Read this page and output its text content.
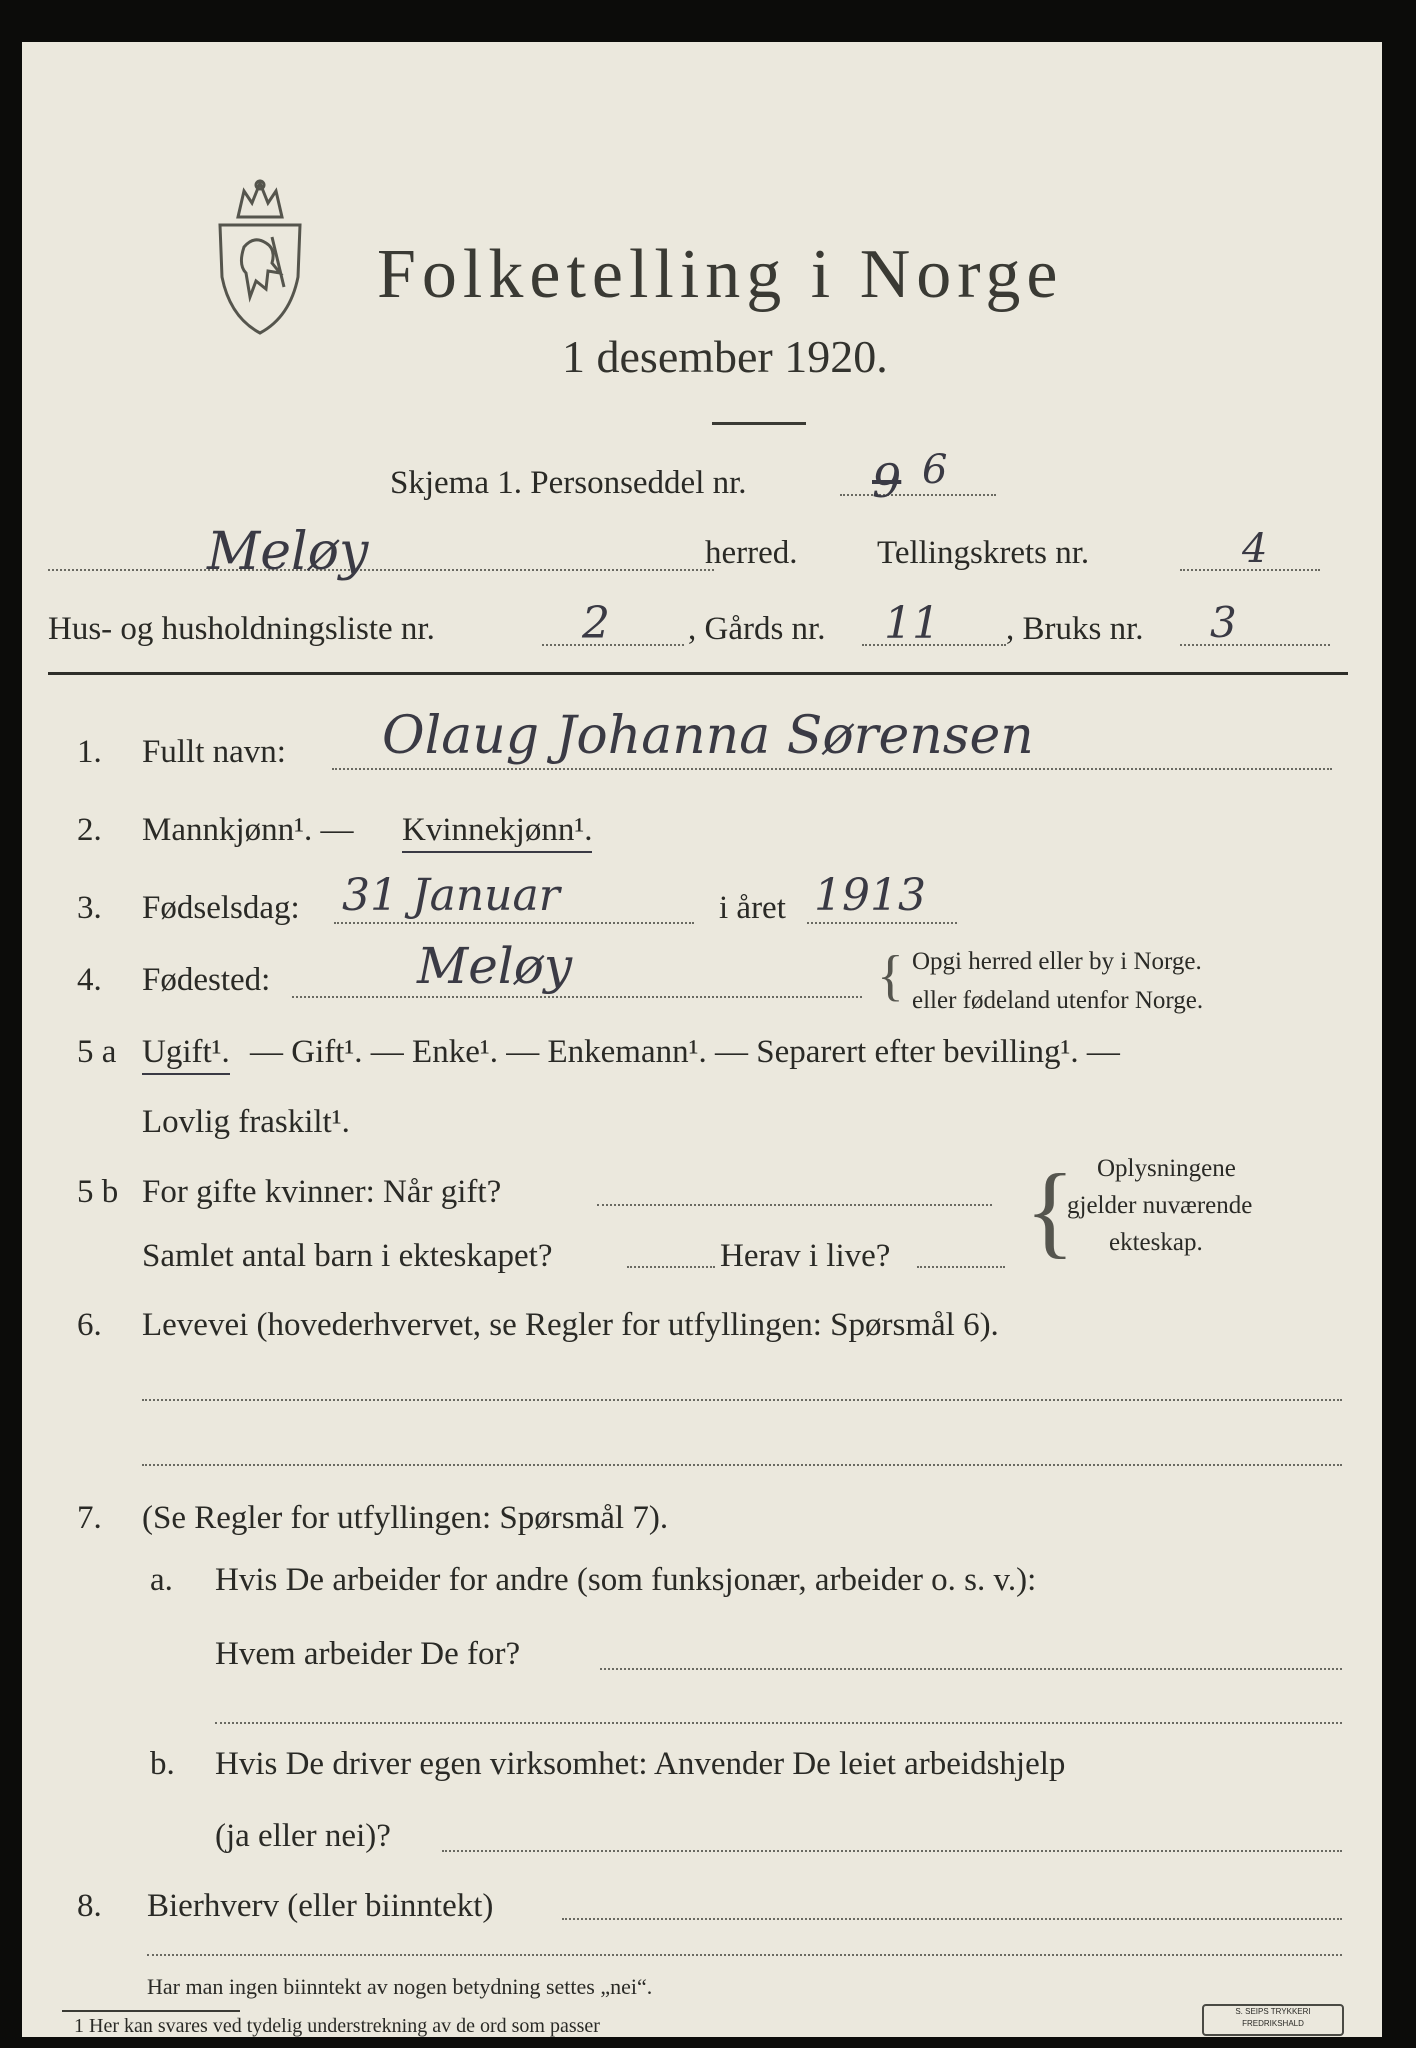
Folketelling i Norge
1 desember 1920.
Skjema 1. Personseddel nr.	9 6
Meløy	herred. Tellingskrets nr.	4
Hus- og husholdningsliste nr.	2 , Gårds nr. 11 , Bruks nr. 3
1. Fullt navn: Olaug Johanna Sørensen
2. Mannkjønn¹. — Kvinnekjønn¹.
3. Fødselsdag: 31 Januar	i året 1913
4. Fødested:	Meløy	{ Opgi herred eller by i Norge.
eller fødeland utenfor Norge.
5 a Ugift¹. — Gift¹. — Enke¹. — Enkemann¹. — Separert efter bevilling¹. —
Lovlig fraskilt¹.
5 b For gifte kvinner: Når gift?
Samlet antal barn i ekteskapet?	Herav i live? { Oplysningene
gjelder nuværende
ekteskap.
6. Levevei (hovederhvervet, se Regler for utfyllingen: Spørsmål 6).
7. (Se Regler for utfyllingen: Spørsmål 7).
a. Hvis De arbeider for andre (som funksjonær, arbeider o. s. v.):
Hvem arbeider De for?
b. Hvis De driver egen virksomhet: Anvender De leiet arbeidshjelp
(ja eller nei)?
8. Bierhverv (eller biinntekt)
Har man ingen biinntekt av nogen betydning settes „nei“.
1 Her kan svares ved tydelig understrekning av de ord som passer
S. SEIPS TRYKKERI FREDRIKSHALD
